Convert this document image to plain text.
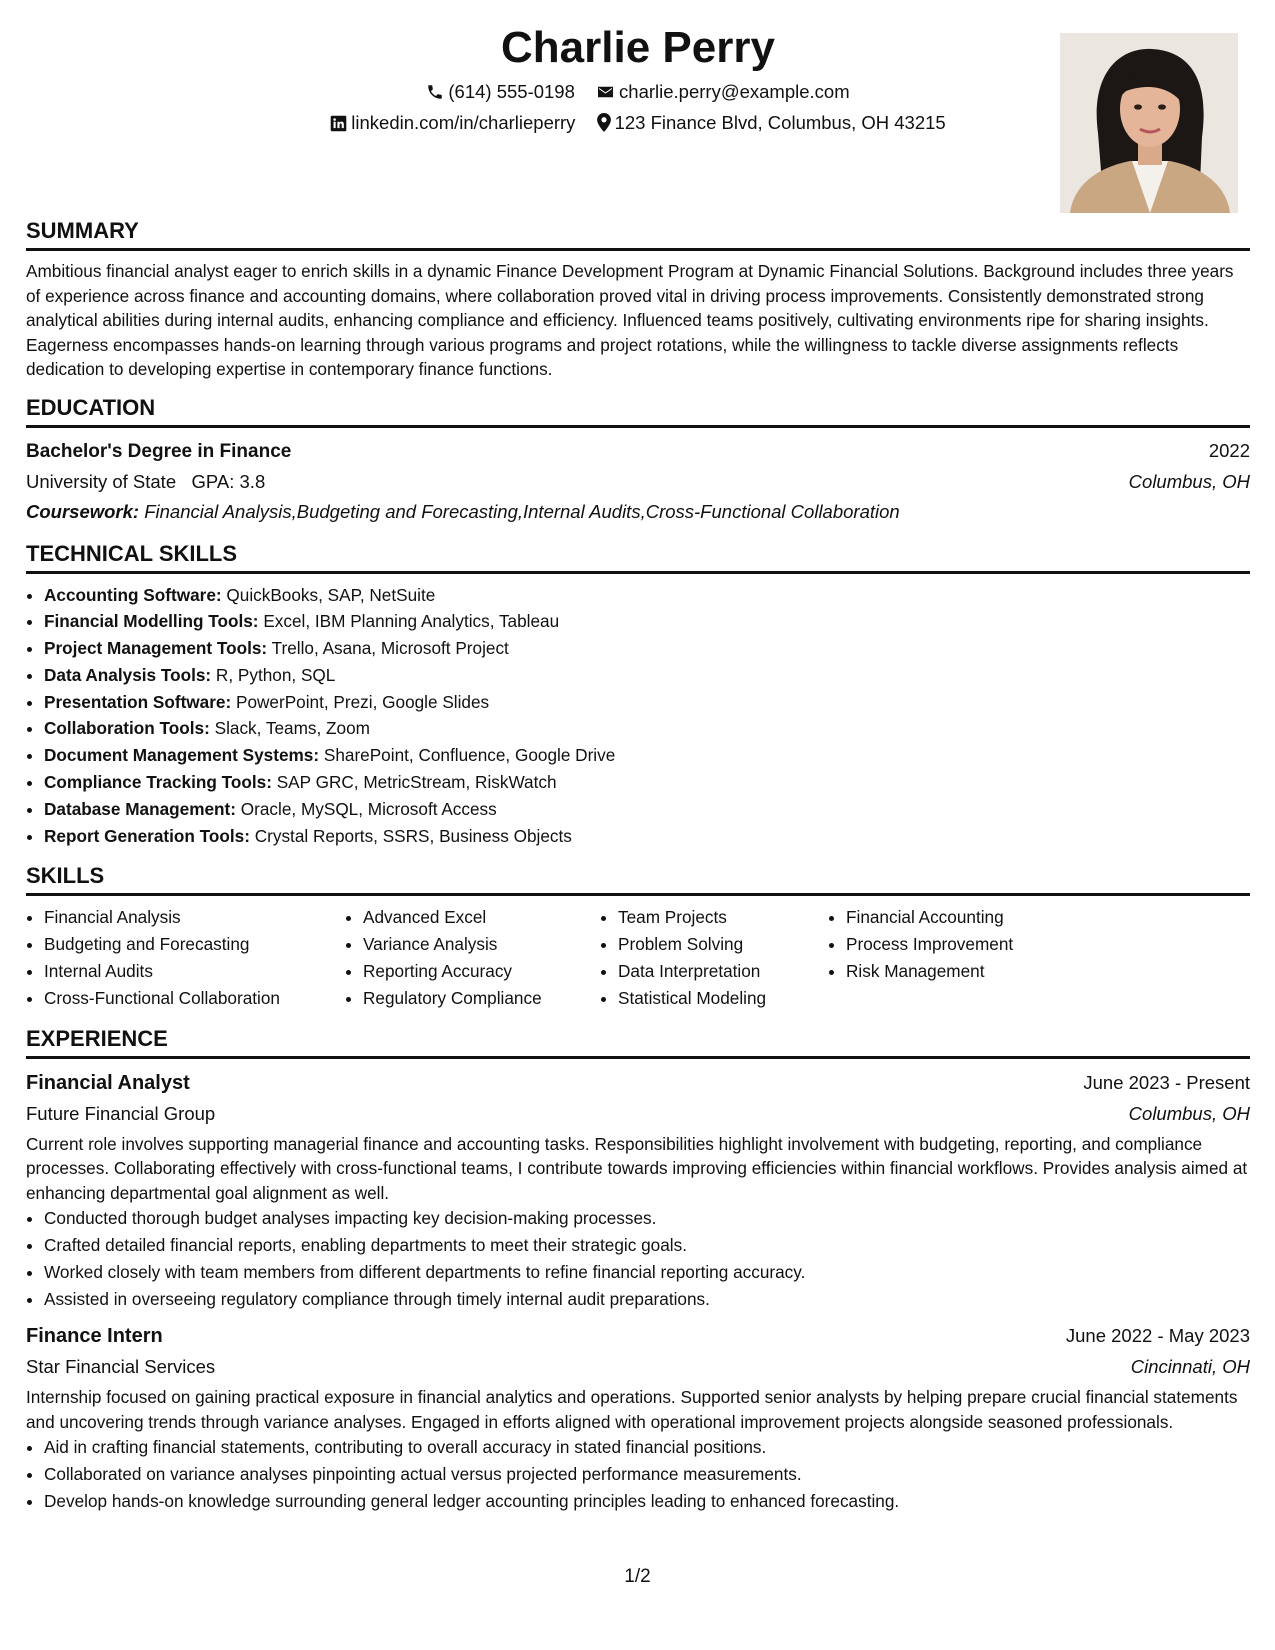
Charlie Perry
(614) 555-0198 charlie.perry@example.com
linkedin.com/in/charlieperry 123 Finance Blvd, Columbus, OH 43215
SUMMARY

Ambitious financial analyst eager to enrich skills in a dynamic Finance Development Program at Dynamic Financial Solutions. Background includes three years of experience across finance and accounting domains, where collaboration proved vital in driving process improvements. Consistently demonstrated strong analytical abilities during internal audits, enhancing compliance and efficiency. Influenced teams positively, cultivating environments ripe for sharing insights. Eagerness encompasses hands-on learning through various programs and project rotations, while the willingness to tackle diverse assignments reflects dedication to developing expertise in contemporary finance functions.

EDUCATION
Bachelor's Degree in Finance	2022
University of State GPA: 3.8	Columbus, OH
Coursework: Financial Analysis,Budgeting and Forecasting,Internal Audits,Cross-Functional Collaboration
TECHNICAL SKILLS
• Accounting Software: QuickBooks, SAP, NetSuite
• Financial Modelling Tools: Excel, IBM Planning Analytics, Tableau
• Project Management Tools: Trello, Asana, Microsoft Project
• Data Analysis Tools: R, Python, SQL
• Presentation Software: PowerPoint, Prezi, Google Slides
• Collaboration Tools: Slack, Teams, Zoom
• Document Management Systems: SharePoint, Confluence, Google Drive
• Compliance Tracking Tools: SAP GRC, MetricStream, RiskWatch
• Database Management: Oracle, MySQL, Microsoft Access
• Report Generation Tools: Crystal Reports, SSRS, Business Objects
SKILLS
• Financial Analysis
• Budgeting and Forecasting
• Internal Audits
• Cross-Functional Collaboration
• Advanced Excel
• Variance Analysis
• Reporting Accuracy
• Regulatory Compliance
• Team Projects
• Problem Solving
• Data Interpretation
• Statistical Modeling
• Financial Accounting
• Process Improvement
• Risk Management
EXPERIENCE
Financial Analyst	June 2023 - Present
Future Financial Group	Columbus, OH

Current role involves supporting managerial finance and accounting tasks. Responsibilities highlight involvement with budgeting, reporting, and compliance processes. Collaborating effectively with cross-functional teams, I contribute towards improving efficiencies within financial workflows. Provides analysis aimed at enhancing departmental goal alignment as well.

• Conducted thorough budget analyses impacting key decision-making processes.
• Crafted detailed financial reports, enabling departments to meet their strategic goals.
• Worked closely with team members from different departments to refine financial reporting accuracy.
• Assisted in overseeing regulatory compliance through timely internal audit preparations.
Finance Intern	June 2022 - May 2023
Star Financial Services	Cincinnati, OH

Internship focused on gaining practical exposure in financial analytics and operations. Supported senior analysts by helping prepare crucial financial statements and uncovering trends through variance analyses. Engaged in efforts aligned with operational improvement projects alongside seasoned professionals.

• Aid in crafting financial statements, contributing to overall accuracy in stated financial positions.
• Collaborated on variance analyses pinpointing actual versus projected performance measurements.
• Develop hands-on knowledge surrounding general ledger accounting principles leading to enhanced forecasting.
1/2
